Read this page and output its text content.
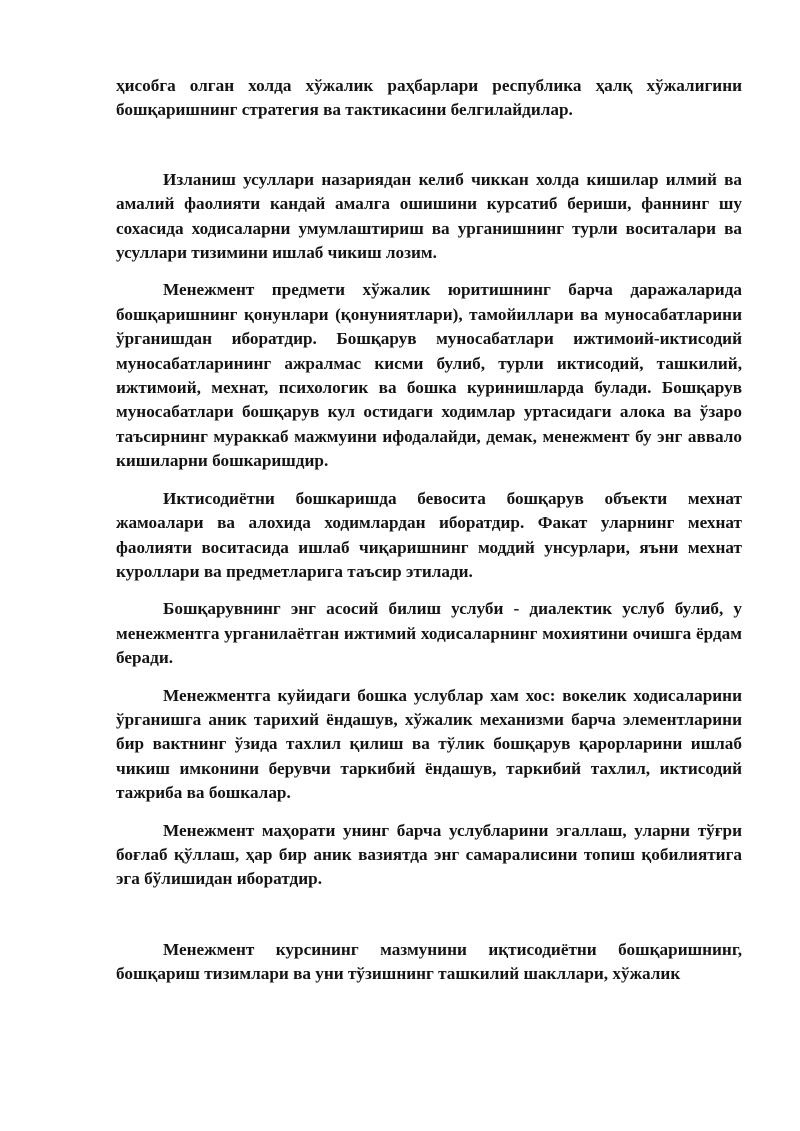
ҳисобга олган холда хўжалик раҳбарлари республика ҳалқ хўжалигини бошқаришнинг стратегия ва тактикасини белгилайдилар.

Изланиш усуллари назариядан келиб чиккан холда кишилар илмий ва амалий фаолияти кандай амалга ошишини курсатиб бериши, фаннинг шу сохасида ходисаларни умумлаштириш ва урганишнинг турли воситалари ва усуллари тизимини ишлаб чикиш лозим.

Менежмент предмети хўжалик юритишнинг барча даражаларида бошқаришнинг қонунлари (қонуниятлари), тамойиллари ва муносабатларини ўрганишдан иборатдир. Бошқарув муносабатлари ижтимоий-иктисодий муносабатларининг ажралмас кисми булиб, турли иктисодий, ташкилий, ижтимоий, мехнат, психологик ва бошка куринишларда булади. Бошқарув муносабатлари бошқарув кул остидаги ходимлар уртасидаги алока ва ўзаро таъсирнинг мураккаб мажмуини ифодалайди, демак, менежмент бу энг аввало кишиларни бошкаришдир.

Иктисодиётни бошкаришда бевосита бошқарув объекти мехнат жамоалари ва алохида ходимлардан иборатдир. Факат уларнинг мехнат фаолияти воситасида ишлаб чиқаришнинг моддий унсурлари, яъни мехнат куроллари ва предметларига таъсир этилади.

Бошқарувнинг энг асосий билиш услуби - диалектик услуб булиб, у менежментга урганилаётган ижтимий ходисаларнинг мохиятини очишга ёрдам беради.

Менежментга куйидаги бошка услублар хам хос: вокелик ходисаларини ўрганишга аник тарихий ёндашув, хўжалик механизми барча элементларини бир вактнинг ўзида тахлил қилиш ва тўлик бошқарув қарорларини ишлаб чикиш имконини берувчи таркибий ёндашув, таркибий тахлил, иктисодий тажриба ва бошкалар.

Менежмент маҳорати унинг барча услубларини эгаллаш, уларни тўғри боғлаб қўллаш, ҳар бир аник вазиятда энг самаралисини топиш қобилиятига эга бўлишидан иборатдир.

Менежмент курсининг мазмунини иқтисодиётни бошқаришнинг, бошқариш тизимлари ва уни тўзишнинг ташкилий шакллари, хўжалик
